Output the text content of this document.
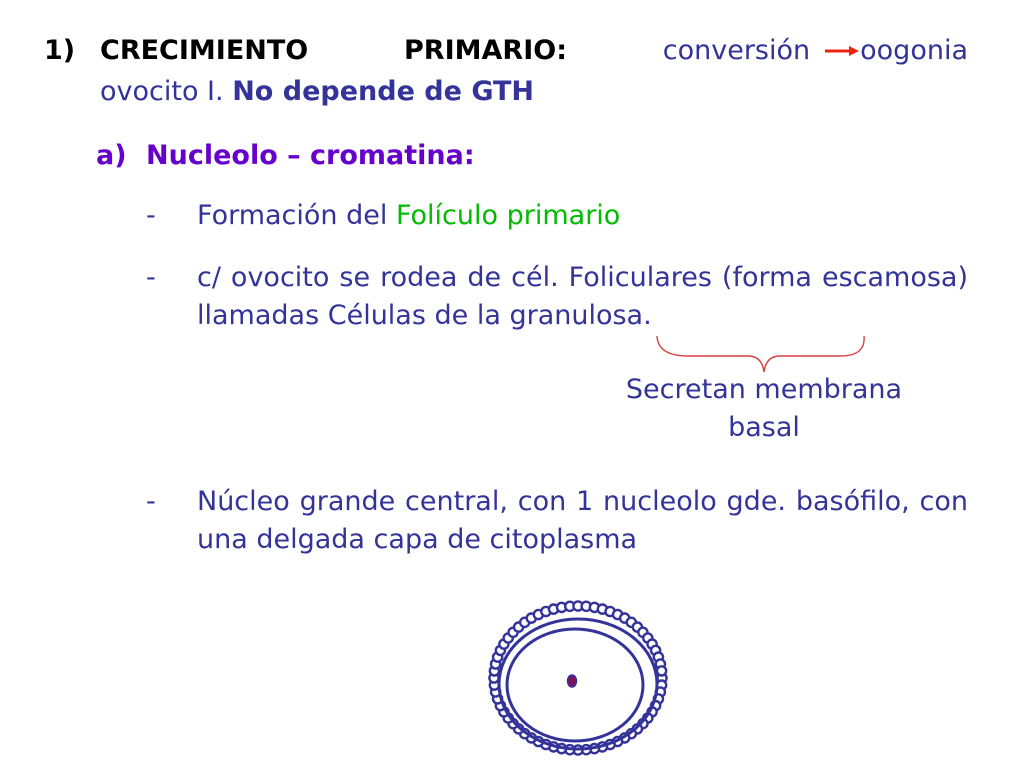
1) CRECIMIENTO	PRIMARIO:	conversión oogonia
ovocito I. No depende de GTH
a) Nucleolo – cromatina:
- Formación del Folículo primario
- c/ ovocito se rodea de cél. Foliculares (forma escamosa) llamadas Células de la granulosa.
Secretan membrana
basal
- Núcleo grande central, con 1 nucleolo gde. basófilo, con una delgada capa de citoplasma
